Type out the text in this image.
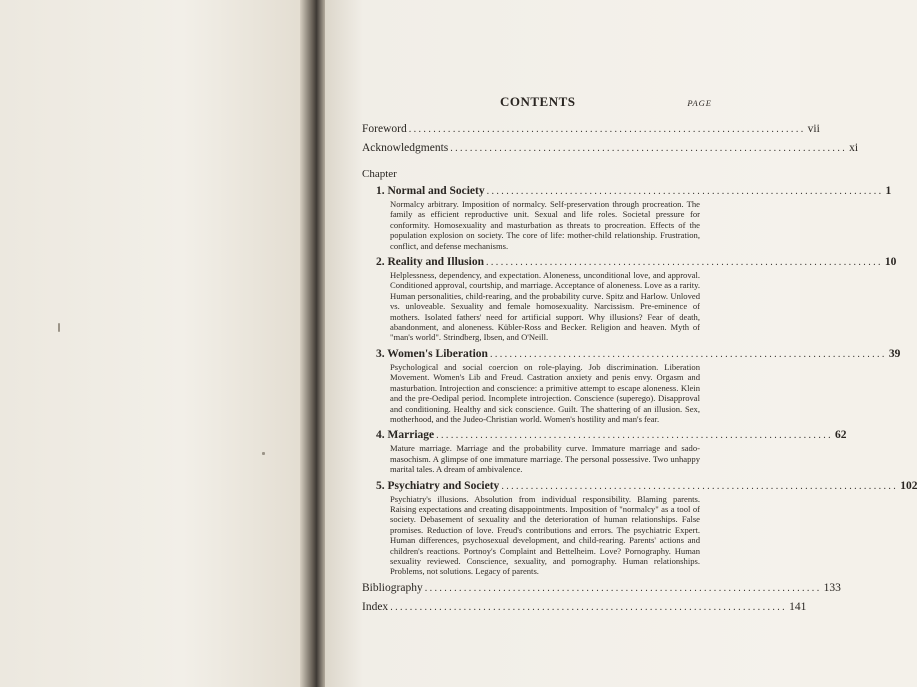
CONTENTS	PAGE
Foreword ................................................................................. vii
Acknowledgments ................................................................................. xi
Chapter
1. Normal and Society ................................................................................. 1
Normalcy arbitrary. Imposition of normalcy. Self-preservation through procreation. The family as efficient reproductive unit. Sexual and life roles. Societal pressure for conformity. Homosexuality and masturbation as threats to procreation. Effects of the population explosion on society. The core of life: mother-child relationship. Frustration, conflict, and defense mechanisms.
2. Reality and Illusion ................................................................................. 10
Helplessness, dependency, and expectation. Aloneness, unconditional love, and approval. Conditioned approval, courtship, and marriage. Acceptance of aloneness. Love as a rarity. Human personalities, child-rearing, and the probability curve. Spitz and Harlow. Unloved vs. unloveable. Sexuality and female homosexuality. Narcissism. Pre-eminence of mothers. Isolated fathers' need for artificial support. Why illusions? Fear of death, abandonment, and aloneness. Kübler-Ross and Becker. Religion and heaven. Myth of "man's world". Strindberg, Ibsen, and O'Neill.
3. Women's Liberation ................................................................................. 39
Psychological and social coercion on role-playing. Job discrimination. Liberation Movement. Women's Lib and Freud. Castration anxiety and penis envy. Orgasm and masturbation. Introjection and conscience: a primitive attempt to escape aloneness. Klein and the pre-Oedipal period. Incomplete introjection. Conscience (superego). Disapproval and conditioning. Healthy and sick conscience. Guilt. The shattering of an illusion. Sex, motherhood, and the Judeo-Christian world. Women's hostility and man's fear.
4. Marriage ................................................................................. 62
Mature marriage. Marriage and the probability curve. Immature marriage and sado-masochism. A glimpse of one immature marriage. The personal possessive. Two unhappy marital tales. A dream of ambivalence.
5. Psychiatry and Society ................................................................................. 102
Psychiatry's illusions. Absolution from individual responsibility. Blaming parents. Raising expectations and creating disappointments. Imposition of "normalcy" as a tool of society. Debasement of sexuality and the deterioration of human relationships. False promises. Reduction of love. Freud's contributions and errors. The psychiatric Expert. Human differences, psychosexual development, and child-rearing. Parents' actions and children's reactions. Portnoy's Complaint and Bettelheim. Love? Pornography. Human sexuality reviewed. Conscience, sexuality, and pornography. Human relationships. Problems, not solutions. Legacy of parents.
Bibliography ................................................................................. 133
Index ................................................................................. 141
